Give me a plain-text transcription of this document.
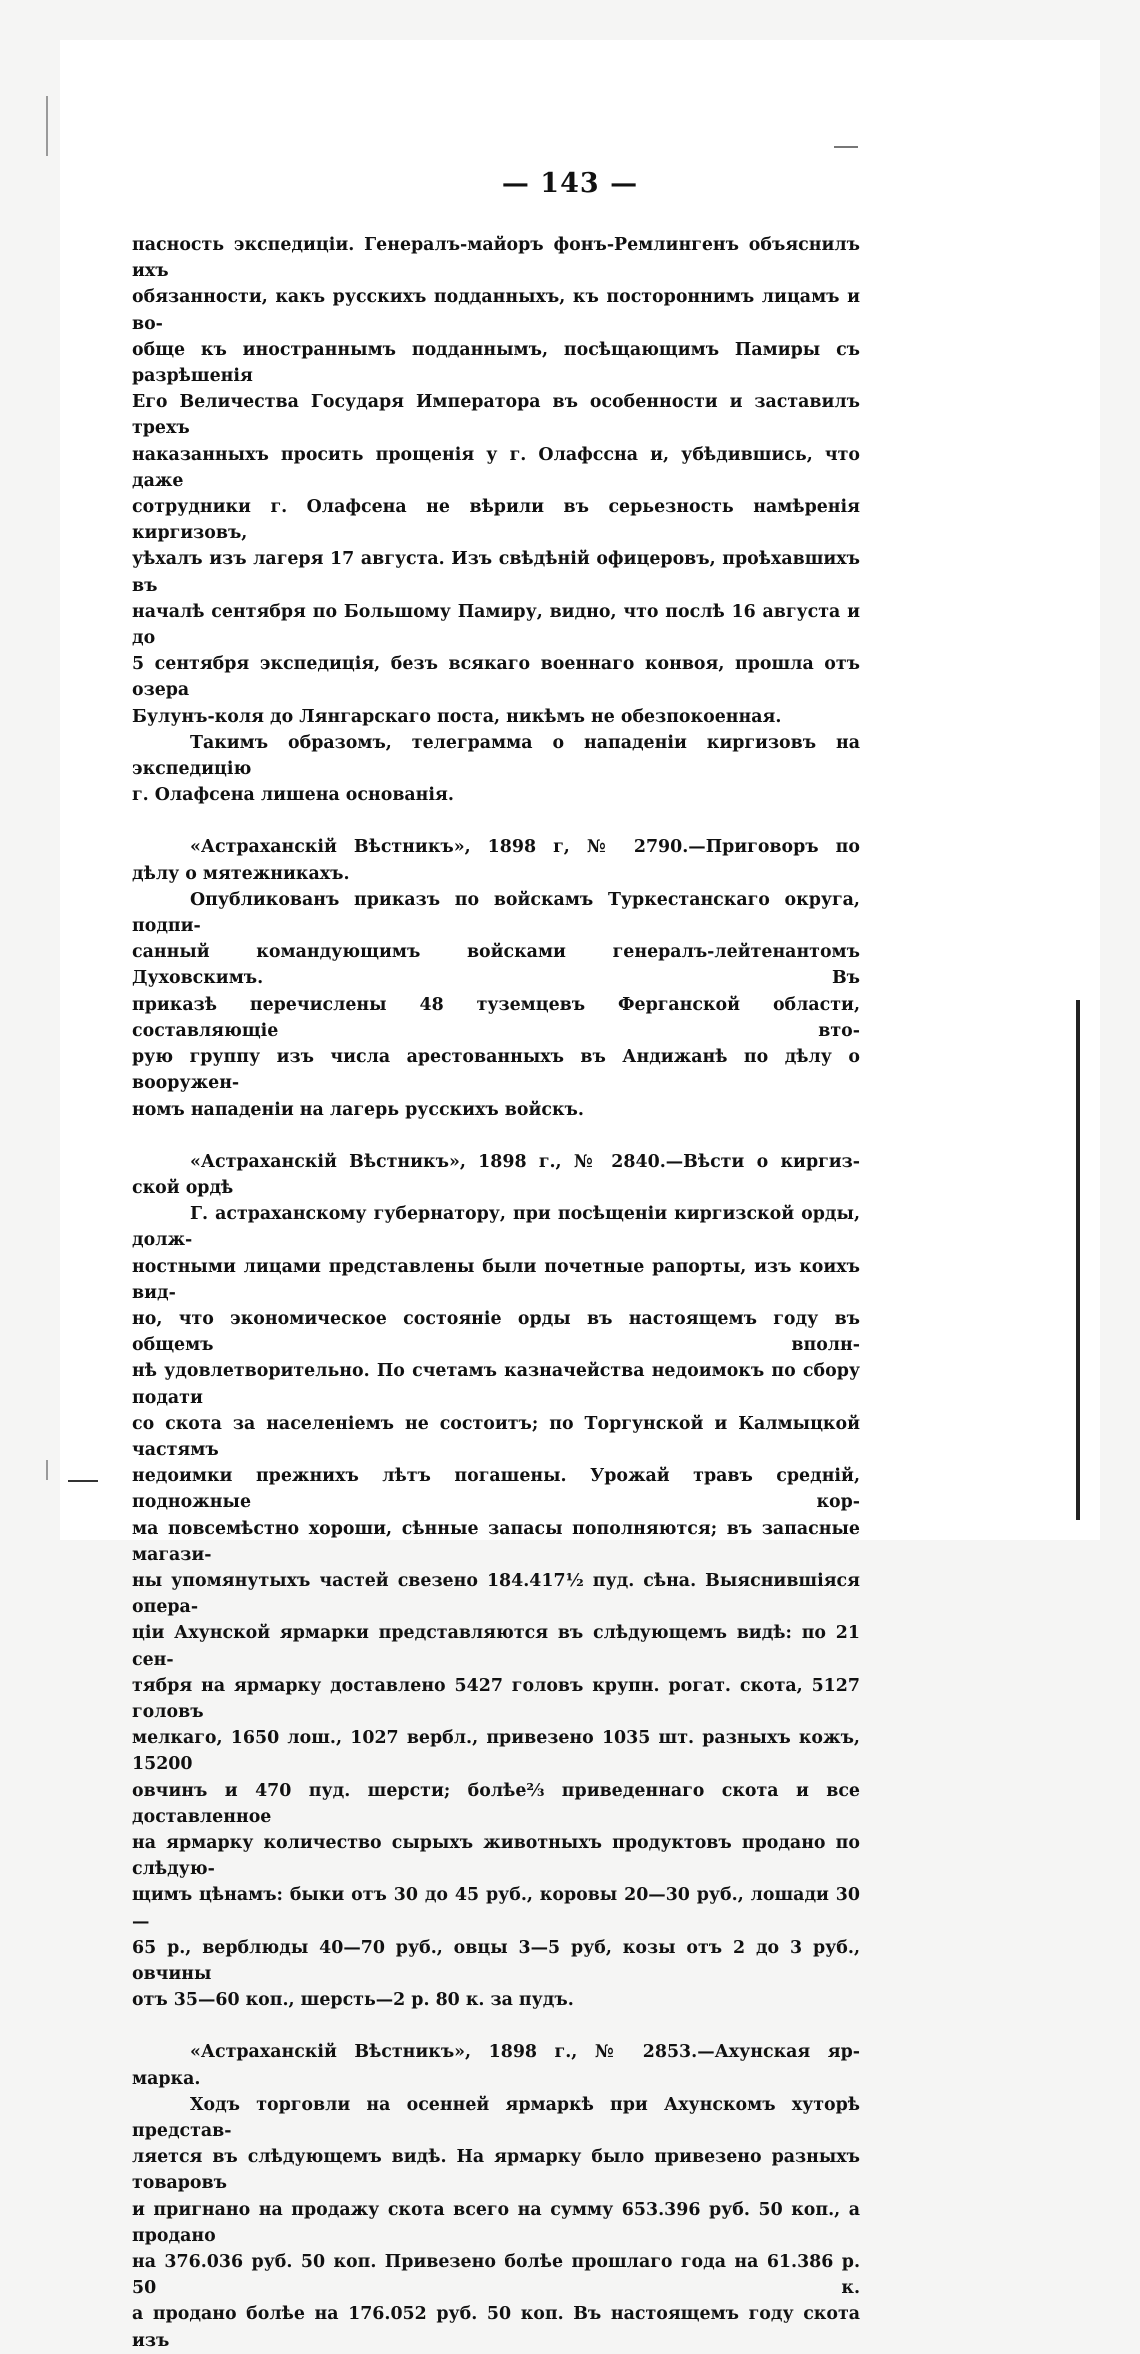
— 143 —

пасность экспедиціи. Генералъ-майоръ фонъ-Ремлингенъ объяснилъ ихъ

обязанности, какъ русскихъ подданныхъ, къ постороннимъ лицамъ и во-

обще къ иностраннымъ подданнымъ, посѣщающимъ Памиры съ разрѣшенія

Его Величества Государя Императора въ особенности и заставилъ трехъ

наказанныхъ просить прощенія у г. Олафссна и, убѣдившись, что даже

сотрудники г. Олафсена не вѣрили въ серьезность намѣренія киргизовъ,

уѣхалъ изъ лагеря 17 августа. Изъ свѣдѣній офицеровъ, проѣхавшихъ въ

началѣ сентября по Большому Памиру, видно, что послѣ 16 августа и до

5 сентября экспедиція, безъ всякаго военнаго конвоя, прошла отъ озера

Булунъ-коля до Лянгарскаго поста, никѣмъ не обезпокоенная.

Такимъ образомъ, телеграмма о нападеніи киргизовъ на экспедицію

г. Олафсена лишена основанія.

«Астраханскій Вѣстникъ», 1898 г, № 2790.—Приговоръ по

дѣлу о мятежникахъ.

Опубликованъ приказъ по войскамъ Туркестанскаго округа, подпи-

санный командующимъ войсками генералъ-лейтенантомъ Духовскимъ. Въ

приказѣ перечислены 48 туземцевъ Ферганской области, составляющіе вто-

рую группу изъ числа арестованныхъ въ Андижанѣ по дѣлу о вооружен-

номъ нападеніи на лагерь русскихъ войскъ.

«Астраханскій Вѣстникъ», 1898 г., № 2840.—Вѣсти о киргиз-

ской ордѣ

Г. астраханскому губернатору, при посѣщеніи киргизской орды, долж-

ностными лицами представлены были почетные рапорты, изъ коихъ вид-

но, что экономическое состояніе орды въ настоящемъ году въ общемъ вполн-

нѣ удовлетворительно. По счетамъ казначейства недоимокъ по сбору подати

со скота за населеніемъ не состоитъ; по Торгунской и Калмыцкой частямъ

недоимки прежнихъ лѣтъ погашены. Урожай травъ средній, подножные кор-

ма повсемѣстно хороши, сѣнные запасы пополняются; въ запасные магази-

ны упомянутыхъ частей свезено 184.417½ пуд. сѣна. Выяснившіяся опера-

ціи Ахунской ярмарки представляются въ слѣдующемъ видѣ: по 21 сен-

тября на ярмарку доставлено 5427 головъ крупн. рогат. скота, 5127 головъ

мелкаго, 1650 лош., 1027 вербл., привезено 1035 шт. разныхъ кожъ, 15200

овчинъ и 470 пуд. шерсти; болѣе⅔ приведеннаго скота и все доставленное

на ярмарку количество сырыхъ животныхъ продуктовъ продано по слѣдую-

щимъ цѣнамъ: быки отъ 30 до 45 руб., коровы 20—30 руб., лошади 30—

65 р., верблюды 40—70 руб., овцы 3—5 руб, козы отъ 2 до 3 руб., овчины

отъ 35—60 коп., шерсть—2 р. 80 к. за пудъ.

«Астраханскій Вѣстникъ», 1898 г., № 2853.—Ахунская яр-

марка.

Ходъ торговли на осенней ярмаркѣ при Ахунскомъ хуторѣ представ-

ляется въ слѣдующемъ видѣ. На ярмарку было привезено разныхъ товаровъ

и пригнано на продажу скота всего на сумму 653.396 руб. 50 коп., а продано

на 376.036 руб. 50 коп. Привезено болѣе прошлаго года на 61.386 р. 50 к.

а продано болѣе на 176.052 руб. 50 коп. Въ настоящемъ году скота изъ
